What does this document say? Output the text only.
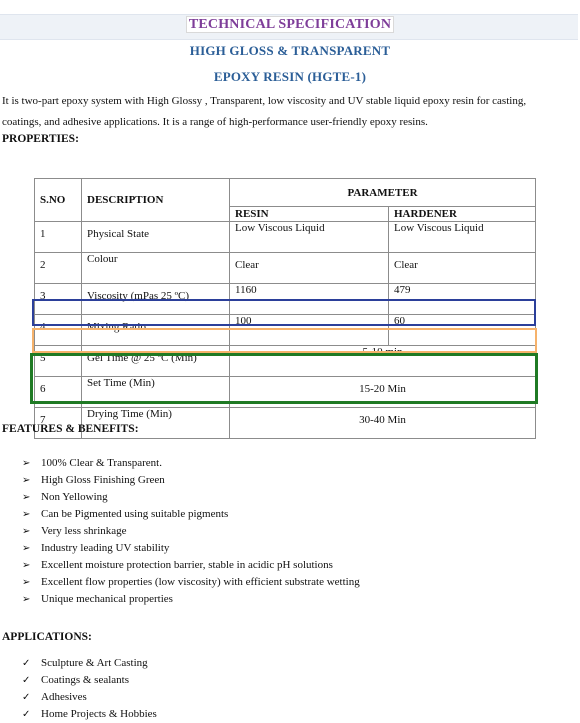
TECHNICAL SPECIFICATION
HIGH GLOSS & TRANSPARENT
EPOXY RESIN (HGTE-1)

It is two-part epoxy system with High Glossy , Transparent, low viscosity and UV stable liquid epoxy resin for casting,
coatings, and adhesive applications. It is a range of high-performance user-friendly epoxy resins.

PROPERTIES:
S.NO	DESCRIPTION	PARAMETER	
		RESIN	HARDENER
1	Physical State	Low Viscous Liquid	Low Viscous Liquid
2	Colour	Clear	Clear
3	Viscosity (mPas 25 ºC)	1160	479
4	Mixing Ratio	100	60
5	Gel Time @ 25 ºC (Min)	5-10 min	
6	Set Time (Min)	15-20 Min	
7	Drying Time (Min)	30-40 Min	
FEATURES & BENEFITS:
➢ 100% Clear & Transparent.
➢ High Gloss Finishing Green
➢ Non Yellowing
➢ Can be Pigmented using suitable pigments
➢ Very less shrinkage
➢ Industry leading UV stability
➢ Excellent moisture protection barrier, stable in acidic pH solutions
➢ Excellent flow properties (low viscosity) with efficient substrate wetting
➢ Unique mechanical properties
APPLICATIONS:
✓ Sculpture & Art Casting
✓ Coatings & sealants
✓ Adhesives
✓ Home Projects & Hobbies
